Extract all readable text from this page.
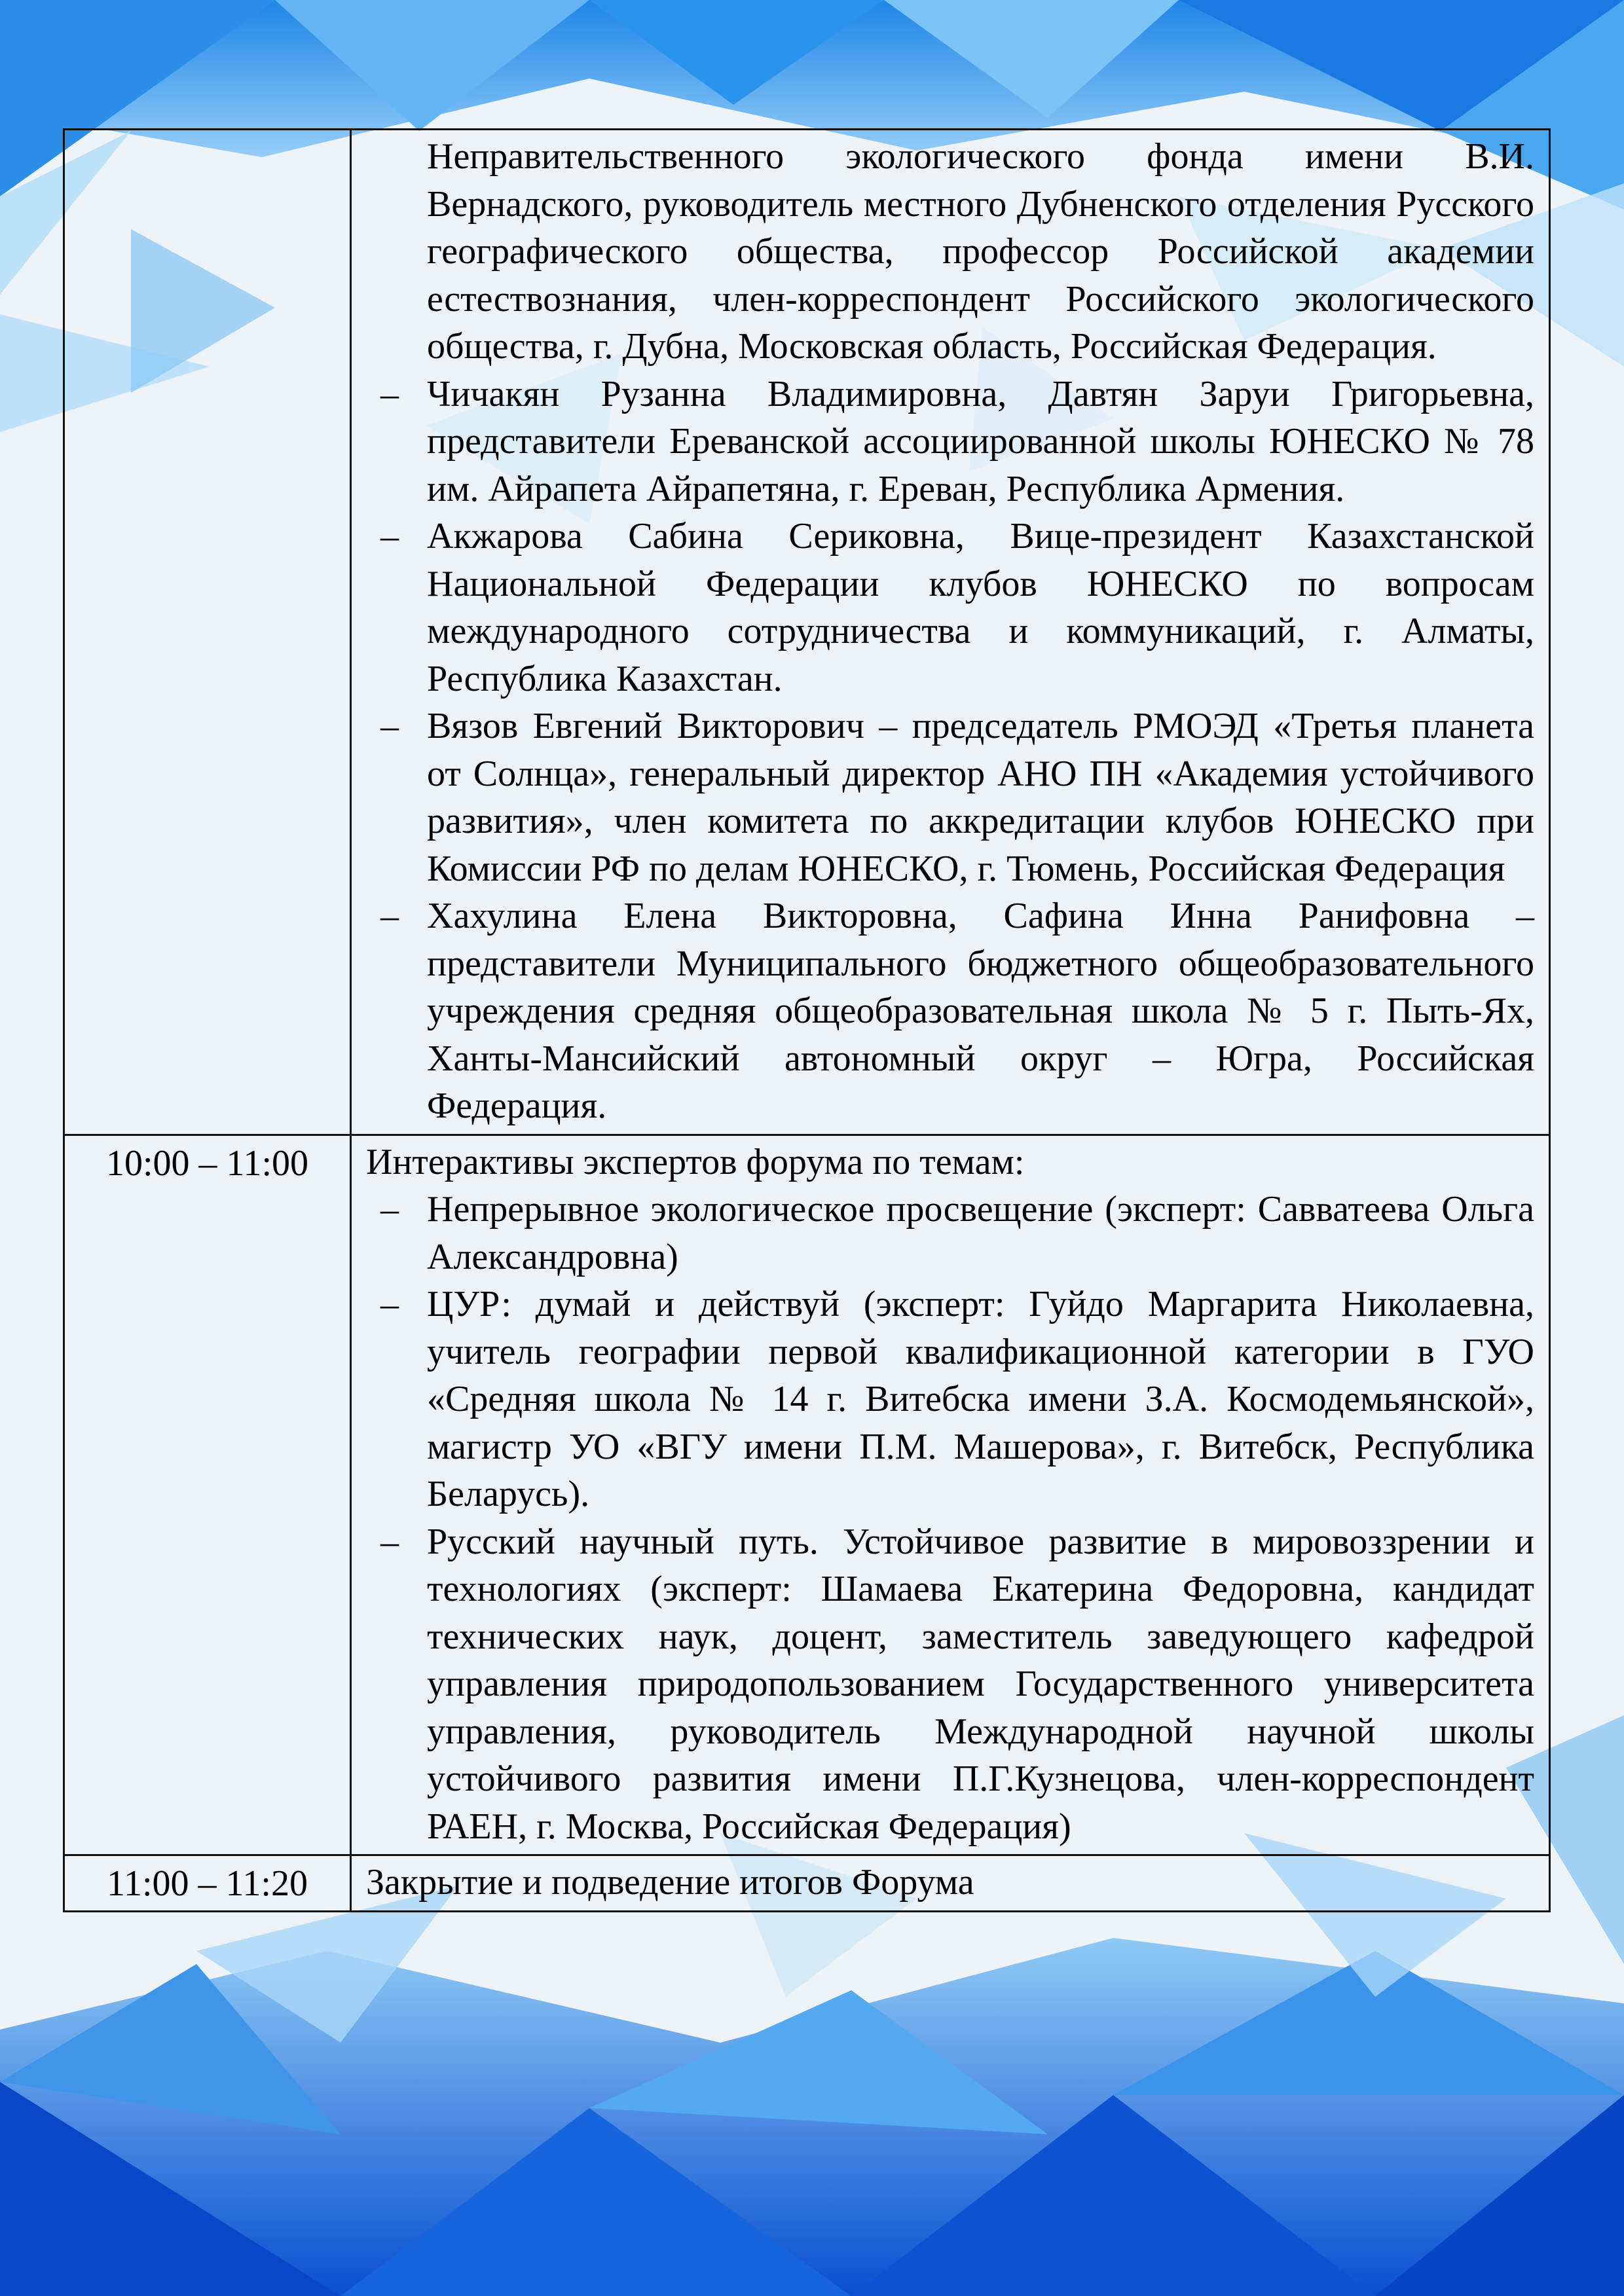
Неправительственного экологического фонда имени В.И. Вернадского, руководитель местного Дубненского отделения Русского географического общества, профессор Российской академии естествознания, член-корреспондент Российского экологического общества, г. Дубна, Московская область, Российская Федерация.
– Чичакян Рузанна Владимировна, Давтян Заруи Григорьевна, представители Ереванской ассоциированной школы ЮНЕСКО № 78 им. Айрапета Айрапетяна, г. Ереван, Республика Армения.
– Акжарова Сабина Сериковна, Вице-президент Казахстанской Национальной Федерации клубов ЮНЕСКО по вопросам международного сотрудничества и коммуникаций, г. Алматы, Республика Казахстан.
– Вязов Евгений Викторович – председатель РМОЭД «Третья планета от Солнца», генеральный директор АНО ПН «Академия устойчивого развития», член комитета по аккредитации клубов ЮНЕСКО при Комиссии РФ по делам ЮНЕСКО, г. Тюмень, Российская Федерация
– Хахулина Елена Викторовна, Сафина Инна Ранифовна – представители Муниципального бюджетного общеобразовательного учреждения средняя общеобразовательная школа № 5 г. Пыть-Ях, Ханты-Мансийский автономный округ – Югра, Российская Федерация.
10:00 – 11:00	Интерактивы экспертов форума по темам:
– Непрерывное экологическое просвещение (эксперт: Савватеева Ольга Александровна)
– ЦУР: думай и действуй (эксперт: Гуйдо Маргарита Николаевна, учитель географии первой квалификационной категории в ГУО «Средняя школа № 14 г. Витебска имени З.А. Космодемьянской», магистр УО «ВГУ имени П.М. Машерова», г. Витебск, Республика Беларусь).
– Русский научный путь. Устойчивое развитие в мировоззрении и технологиях (эксперт: Шамаева Екатерина Федоровна, кандидат технических наук, доцент, заместитель заведующего кафедрой управления природопользованием Государственного университета управления, руководитель Международной научной школы устойчивого развития имени П.Г.Кузнецова, член-корреспондент РАЕН, г. Москва, Российская Федерация)
11:00 – 11:20	Закрытие и подведение итогов Форума
